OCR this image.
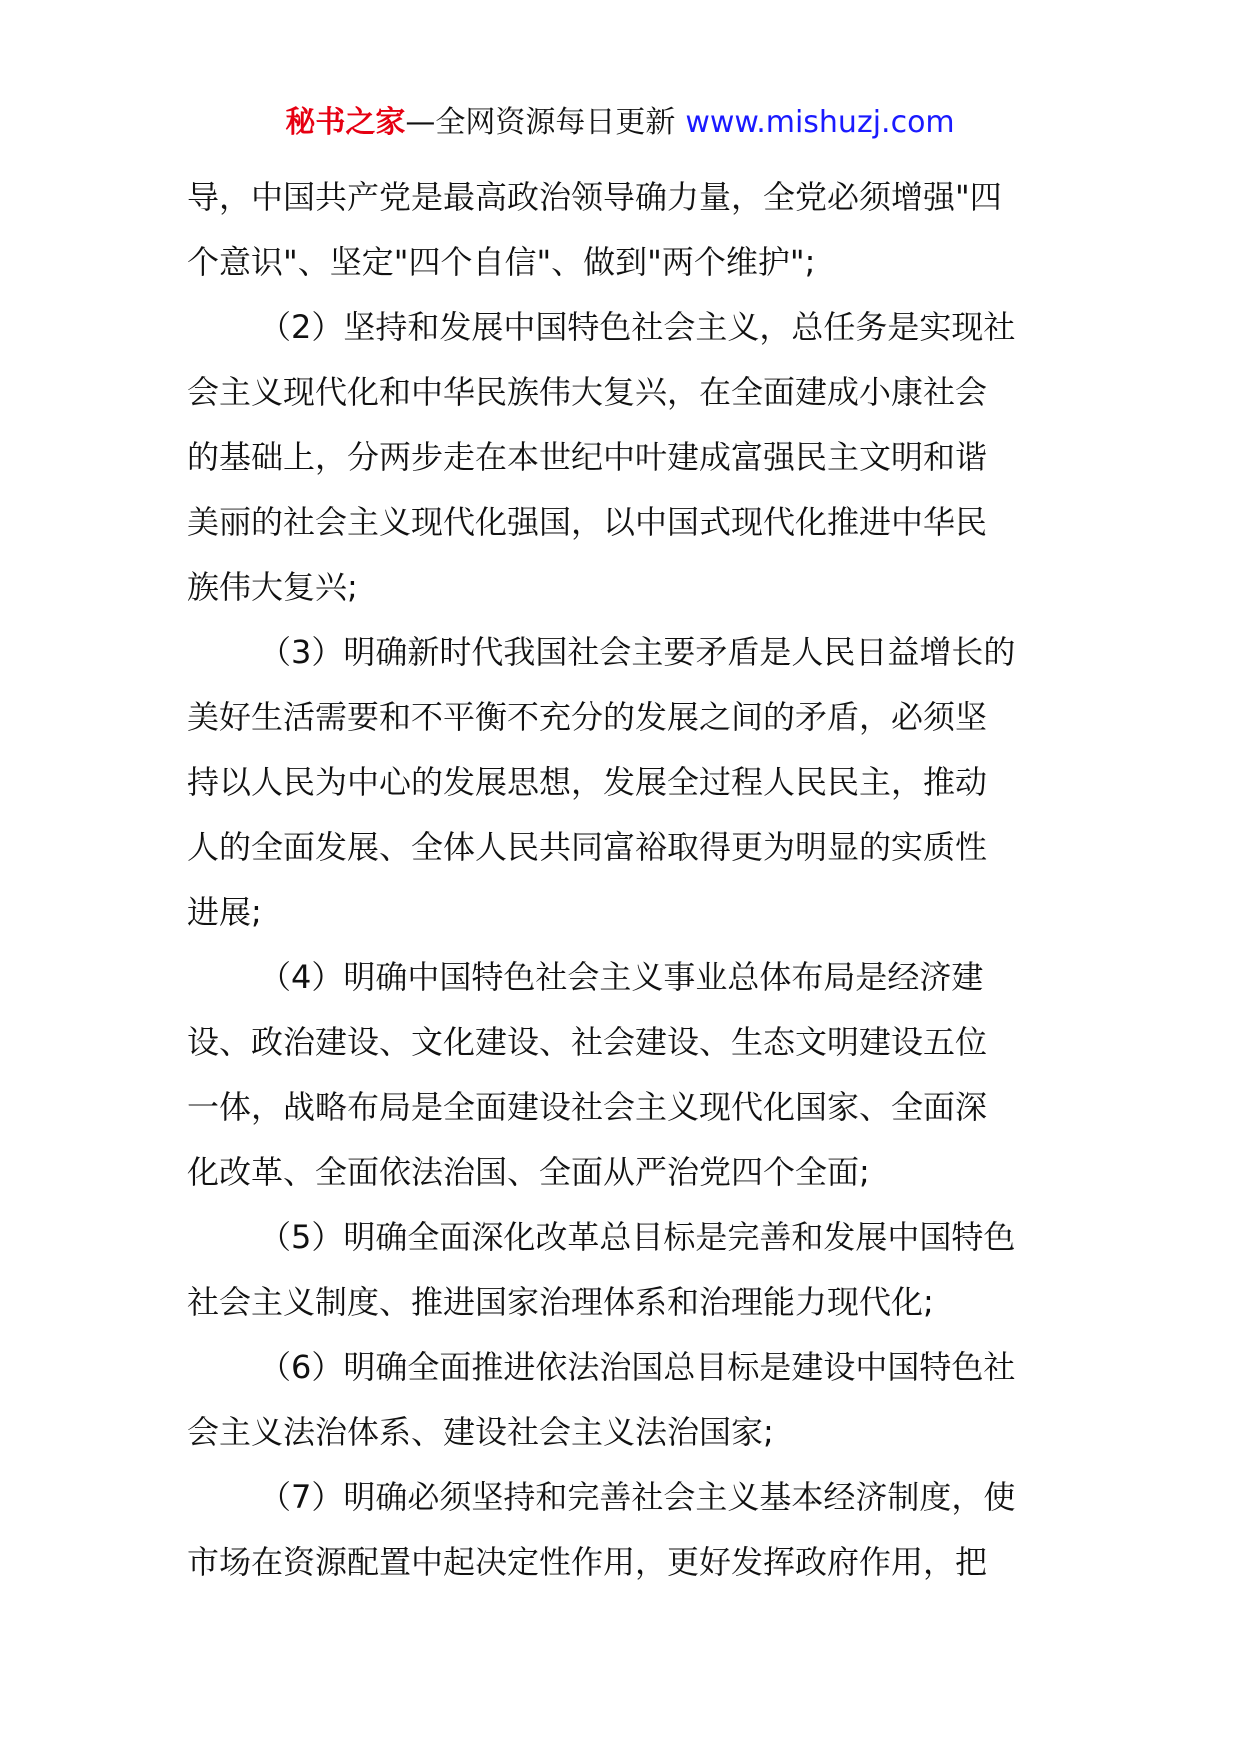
秘书之家—全网资源每日更新 www.mishuzj.com
导，中国共产党是最高政治领导确力量，全党必须增强"四
个意识"、坚定"四个自信"、做到"两个维护";
（2）坚持和发展中国特色社会主义，总任务是实现社
会主义现代化和中华民族伟大复兴，在全面建成小康社会
的基础上，分两步走在本世纪中叶建成富强民主文明和谐
美丽的社会主义现代化强国，以中国式现代化推进中华民
族伟大复兴;
（3）明确新时代我国社会主要矛盾是人民日益增长的
美好生活需要和不平衡不充分的发展之间的矛盾，必须坚
持以人民为中心的发展思想，发展全过程人民民主，推动
人的全面发展、全体人民共同富裕取得更为明显的实质性
进展;
（4）明确中国特色社会主义事业总体布局是经济建
设、政治建设、文化建设、社会建设、生态文明建设五位
一体，战略布局是全面建设社会主义现代化国家、全面深
化改革、全面依法治国、全面从严治党四个全面;
（5）明确全面深化改革总目标是完善和发展中国特色
社会主义制度、推进国家治理体系和治理能力现代化;
（6）明确全面推进依法治国总目标是建设中国特色社
会主义法治体系、建设社会主义法治国家;
（7）明确必须坚持和完善社会主义基本经济制度，使
市场在资源配置中起决定性作用，更好发挥政府作用，把
